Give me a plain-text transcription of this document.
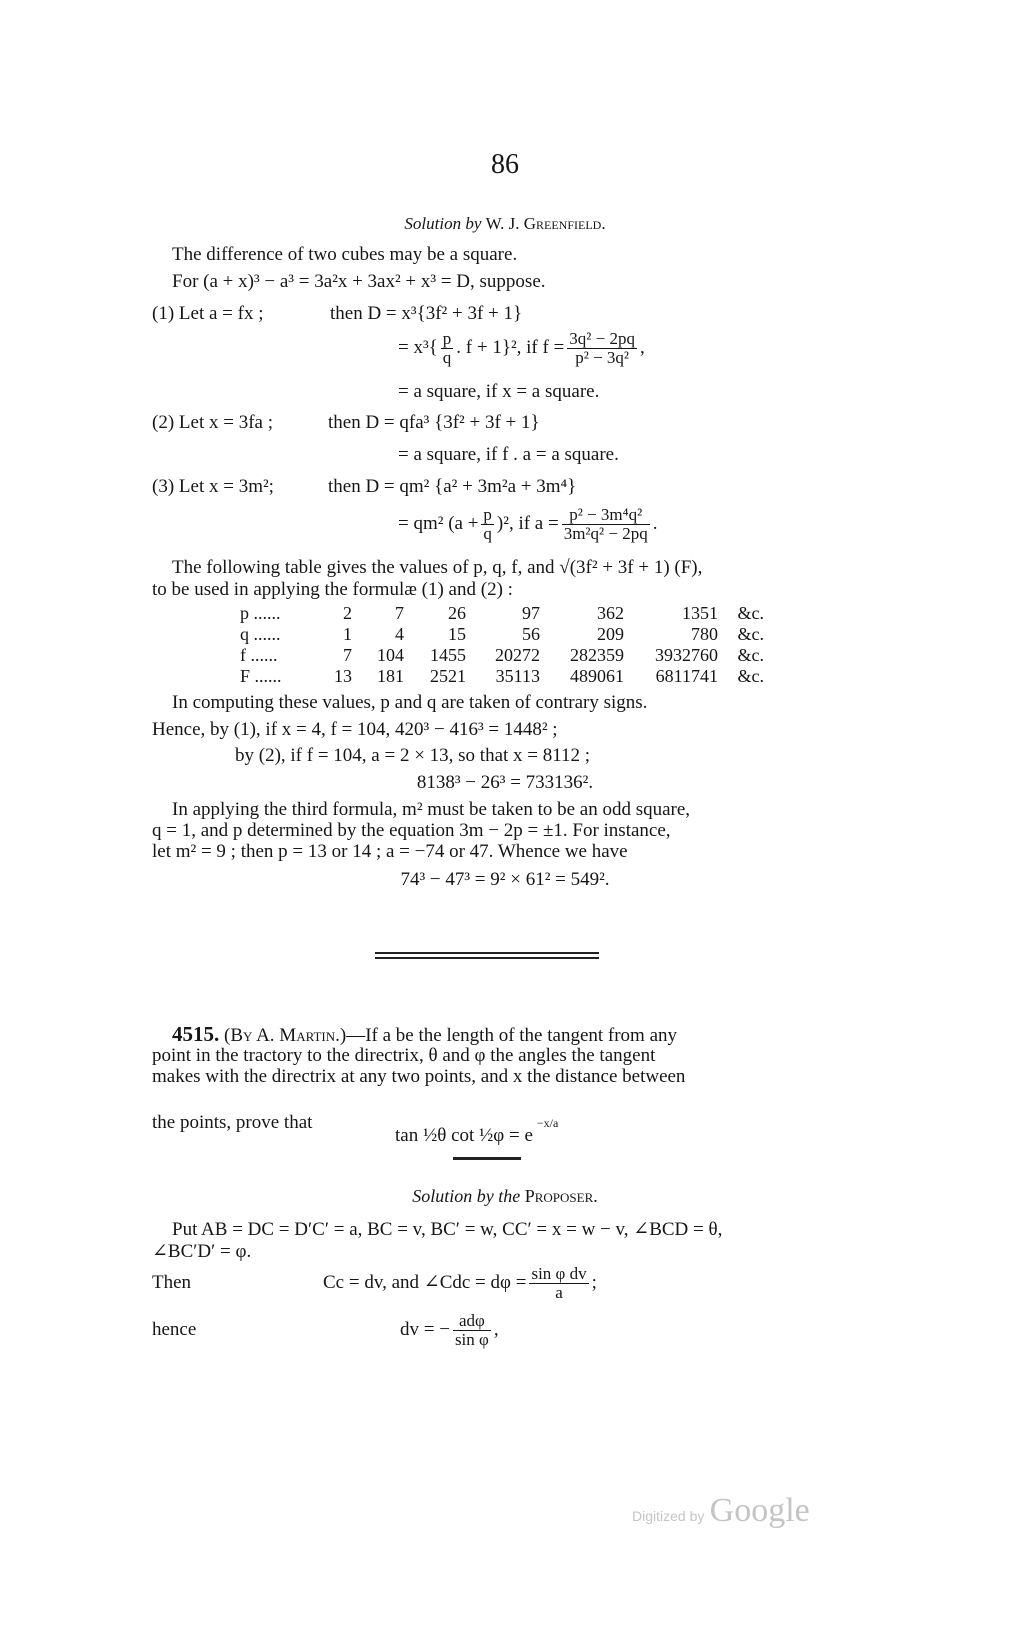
86
Solution by W. J. Greenfield.
The difference of two cubes may be a square.
For (a + x)³ − a³ = 3a²x + 3ax² + x³ = D, suppose.
(1) Let a = fx ;	then D = x³{3f² + 3f + 1}
= $x^3\{ \frac{p}{q}$ . f + 1}², if $f = \frac{\text{3q² − 2pq}}{\text{p² − 3q²}}$ ,
= a square, if x = a square.
(2) Let x = 3fa ;	then D = qfa³ {3f² + 3f + 1}
= a square, if f . a = a square.
(3) Let x = 3m²;	then D = qm² {a² + 3m²a + 3m⁴}
= qm² $(a + \frac{p}{q} )^2$, if $a = \frac{\text{p² − 3m⁴q²}}{\text{3m²q² − 2pq}}$ .
The following table gives the values of p, q, f, and √(3f² + 3f + 1) (F),
to be used in applying the formulæ (1) and (2) :
p ......	2	7	26	97	362	1351	&c.
q ......	1	4	15	56	209	780	&c.
f ......	7	104	1455	20272	282359	3932760	&c.
F ......	13	181	2521	35113	489061	6811741	&c.
In computing these values, p and q are taken of contrary signs.
Hence, by (1), if x = 4, f = 104, 420³ − 416³ = 1448² ;
by (2), if f = 104, a = 2 × 13, so that x = 8112 ;
8138³ − 26³ = 733136².
In applying the third formula, m² must be taken to be an odd square,
q = 1, and p determined by the equation 3m − 2p = ±1. For instance,
let m² = 9 ; then p = 13 or 14 ; a = −74 or 47. Whence we have
74³ − 47³ = 9² × 61² = 549².
4515. (By A. Martin.)—If a be the length of the tangent from any
point in the tractory to the directrix, θ and φ the angles the tangent
makes with the directrix at any two points, and x the distance between
the points, prove that
tan ½θ cot ½φ = $e^{-x/a}$
Solution by the Proposer.
Put AB = DC = D′C′ = a, BC = v, BC′ = w, CC′ = x = w − v, ∠BCD = θ,
∠BC′D′ = φ.
Then	Cc = dv, and ∠Cdc = $d\varphi = \frac{\text{sin φ dv}}{a}$ ;
hence	dv = − $\frac{\text{adφ}}{\text{sin φ}}$ ,
Digitized by Google
